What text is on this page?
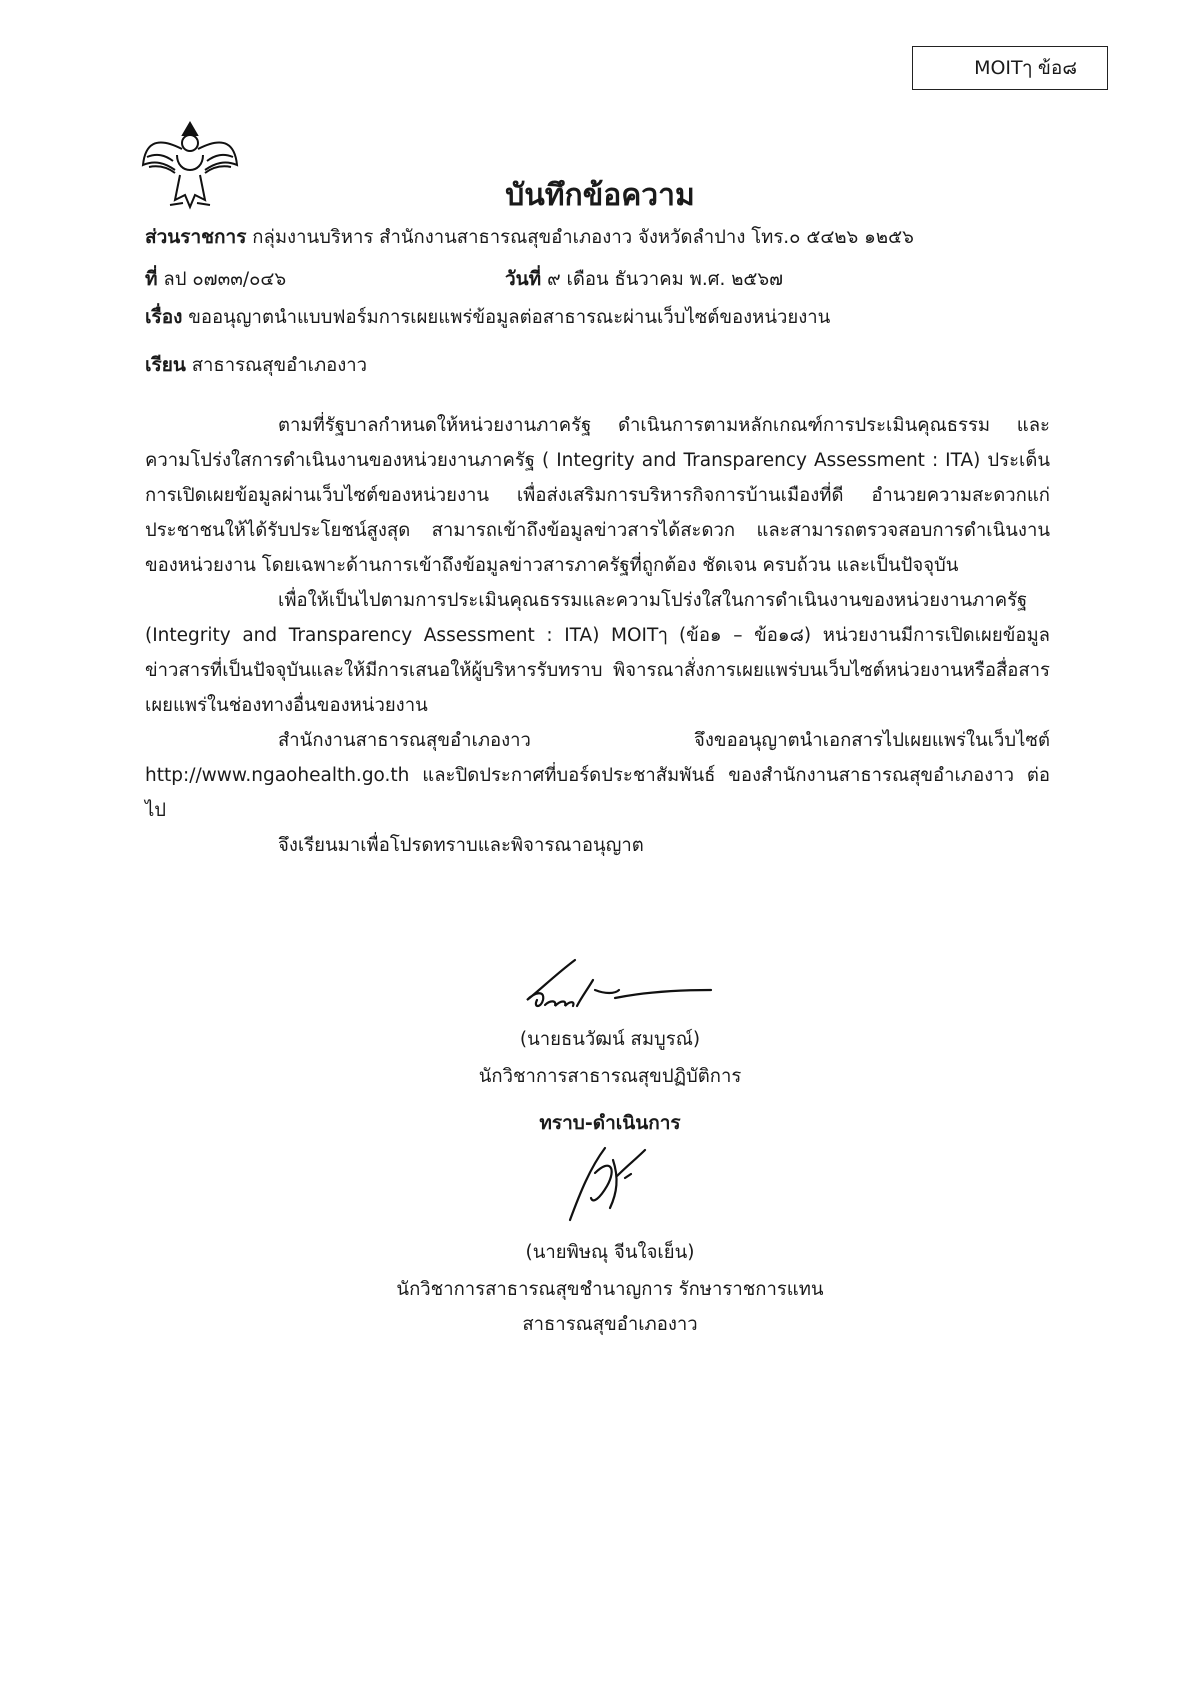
MOITๅ ข้อ๘
บันทึกข้อความ
ส่วนราชการ กลุ่มงานบริหาร สำนักงานสาธารณสุขอำเภองาว จังหวัดลำปาง โทร.๐ ๕๔๒๖ ๑๒๕๖
ที่ ลป ๐๗๓๓/๐๔๖	วันที่ ๙ เดือน ธันวาคม พ.ศ. ๒๕๖๗
เรื่อง ขออนุญาตนำแบบฟอร์มการเผยแพร่ข้อมูลต่อสาธารณะผ่านเว็บไซต์ของหน่วยงาน
เรียน สาธารณสุขอำเภองาว

ตามที่รัฐบาลกำหนดให้หน่วยงานภาครัฐ ดำเนินการตามหลักเกณฑ์การประเมินคุณธรรม และความโปร่งใสการดำเนินงานของหน่วยงานภาครัฐ ( Integrity and Transparency Assessment : ITA) ประเด็นการเปิดเผยข้อมูลผ่านเว็บไซต์ของหน่วยงาน เพื่อส่งเสริมการบริหารกิจการบ้านเมืองที่ดี อำนวยความสะดวกแก่ประชาชนให้ได้รับประโยชน์สูงสุด สามารถเข้าถึงข้อมูลข่าวสารได้สะดวก และสามารถตรวจสอบการดำเนินงานของหน่วยงาน โดยเฉพาะด้านการเข้าถึงข้อมูลข่าวสารภาครัฐที่ถูกต้อง ชัดเจน ครบถ้วน และเป็นปัจจุบัน

เพื่อให้เป็นไปตามการประเมินคุณธรรมและความโปร่งใสในการดำเนินงานของหน่วยงานภาครัฐ (Integrity and Transparency Assessment : ITA) MOITๅ (ข้อ๑ – ข้อ๑๘) หน่วยงานมีการเปิดเผยข้อมูลข่าวสารที่เป็นปัจจุบันและให้มีการเสนอให้ผู้บริหารรับทราบ พิจารณาสั่งการเผยแพร่บนเว็บไซต์หน่วยงานหรือสื่อสารเผยแพร่ในช่องทางอื่นของหน่วยงาน

สำนักงานสาธารณสุขอำเภองาว จึงขออนุญาตนำเอกสารไปเผยแพร่ในเว็บไซต์ http://www.ngaohealth.go.th และปิดประกาศที่บอร์ดประชาสัมพันธ์ ของสำนักงานสาธารณสุขอำเภองาว ต่อไป

จึงเรียนมาเพื่อโปรดทราบและพิจารณาอนุญาต

(นายธนวัฒน์ สมบูรณ์)
นักวิชาการสาธารณสุขปฏิบัติการ
ทราบ-ดำเนินการ
(นายพิษณุ จีนใจเย็น)
นักวิชาการสาธารณสุขชำนาญการ รักษาราชการแทน
สาธารณสุขอำเภองาว
